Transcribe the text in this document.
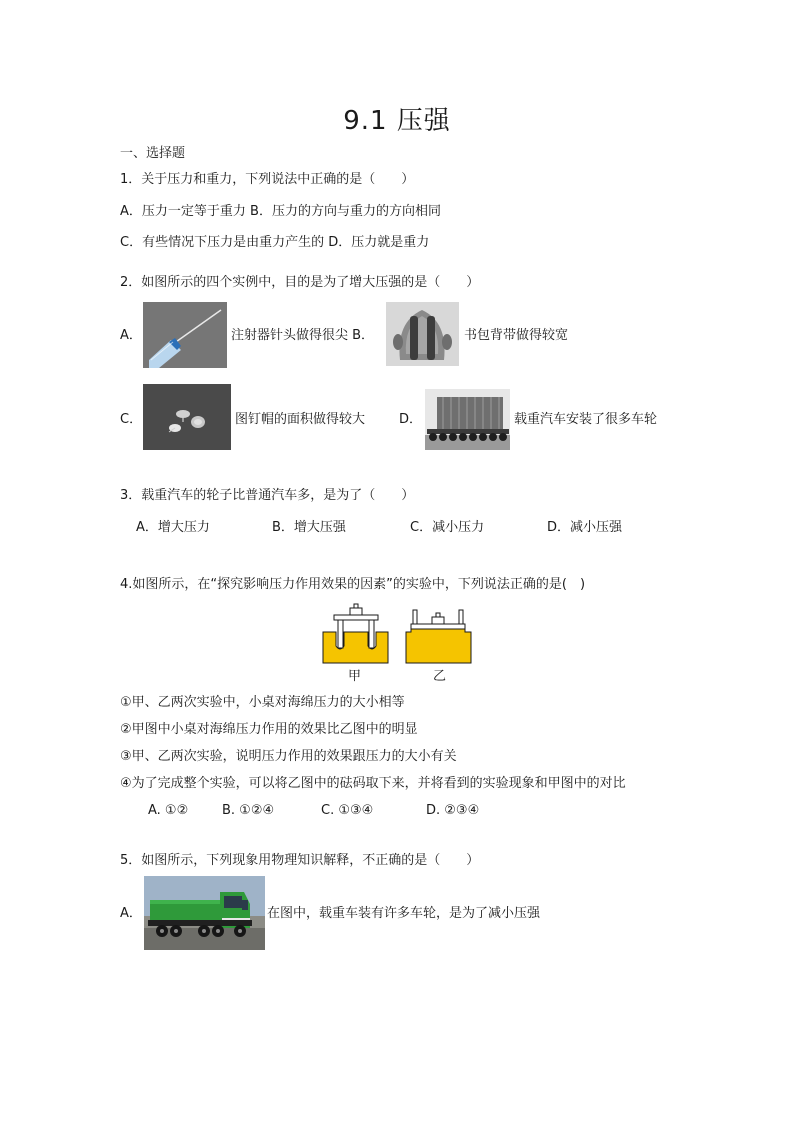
9.1 压强
一、选择题
1．关于压力和重力，下列说法中正确的是（　　）
A．压力一定等于重力 B．压力的方向与重力的方向相同
C．有些情况下压力是由重力产生的 D．压力就是重力
2．如图所示的四个实例中，目的是为了增大压强的是（　　）
A．	注射器针头做得很尖 B．	书包背带做得较宽
C．	图钉帽的面积做得较大	D．	载重汽车安装了很多车轮
3．载重汽车的轮子比普通汽车多，是为了（　　）
A．增大压力	B．增大压强	C．减小压力	D．减小压强
4.如图所示，在“探究影响压力作用效果的因素”的实验中，下列说法正确的是(　)
甲	乙
①甲、乙两次实验中，小桌对海绵压力的大小相等
②甲图中小桌对海绵压力作用的效果比乙图中的明显
③甲、乙两次实验，说明压力作用的效果跟压力的大小有关
④为了完成整个实验，可以将乙图中的砝码取下来，并将看到的实验现象和甲图中的对比
A. ①②	B. ①②④	C. ①③④	D. ②③④
5．如图所示，下列现象用物理知识解释，不正确的是（　　）
A．	在图中，载重车装有许多车轮，是为了减小压强
